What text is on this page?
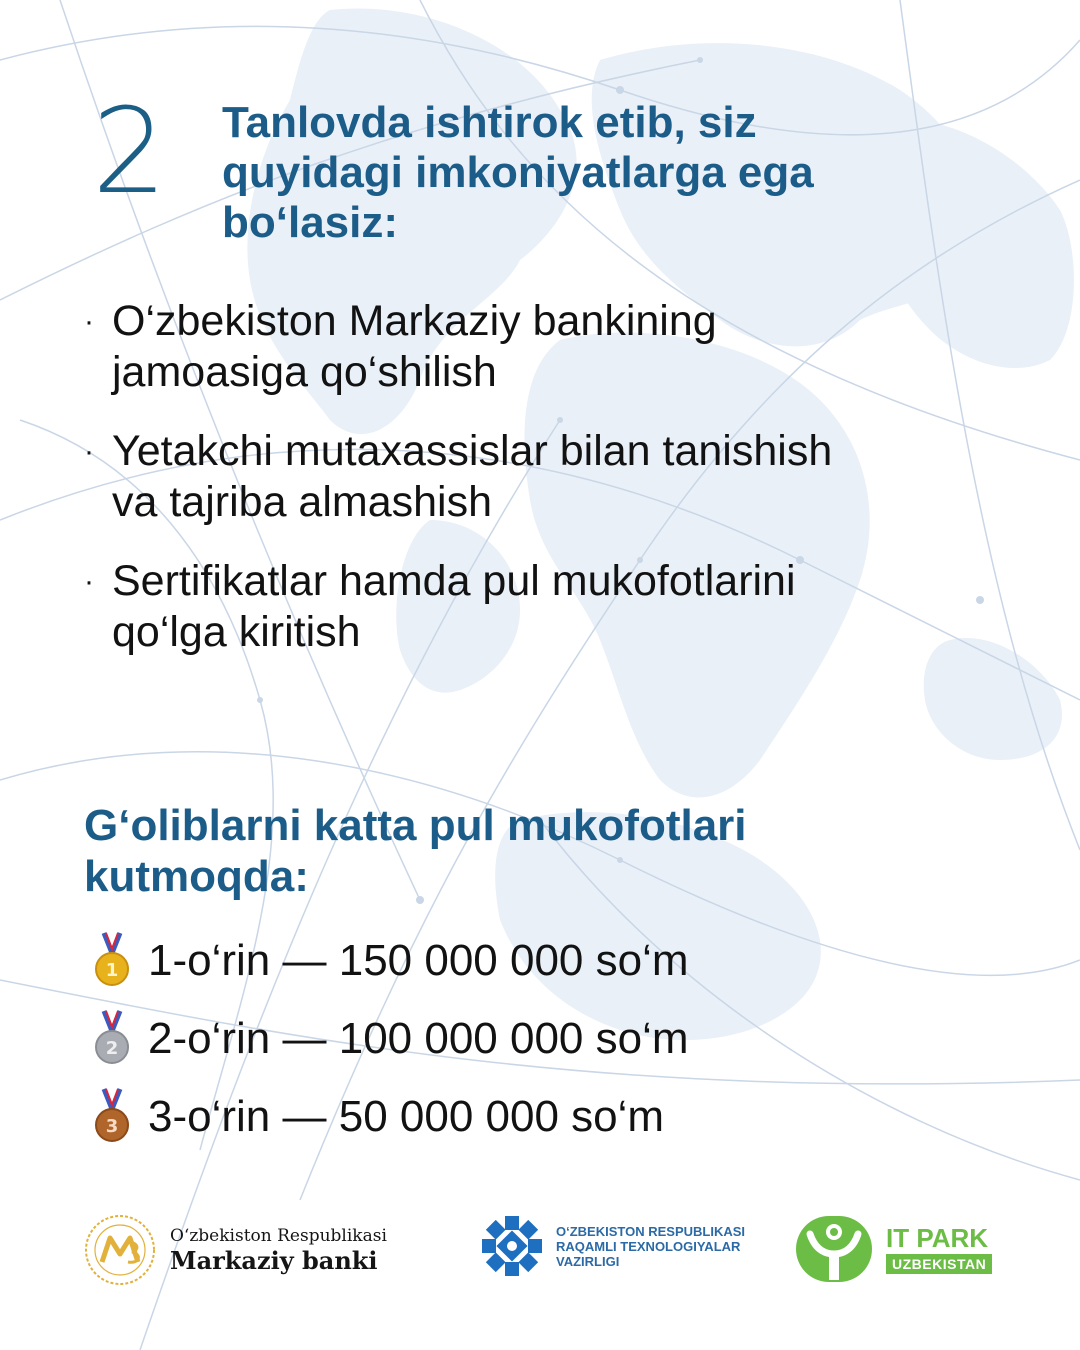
2 Tanlovda ishtirok etib, siz
quyidagi imkoniyatlarga ega
bo‘lasiz:
· O‘zbekiston Markaziy bankining
jamoasiga qo‘shilish
· Yetakchi mutaxassislar bilan tanishish
va tajriba almashish
· Sertifikatlar hamda pul mukofotlarini
qo‘lga kiritish
G‘oliblarni katta pul mukofotlari
kutmoqda:
1 1-o‘rin — 150 000 000 so‘m
2 2-o‘rin — 100 000 000 so‘m
3 3-o‘rin — 50 000 000 so‘m
O‘zbekiston Respublikasi
Markaziy banki
O‘ZBEKISTON RESPUBLIKASI
RAQAMLI TEXNOLOGIYALAR
VAZIRLIGI
IT PARK
UZBEKISTAN
